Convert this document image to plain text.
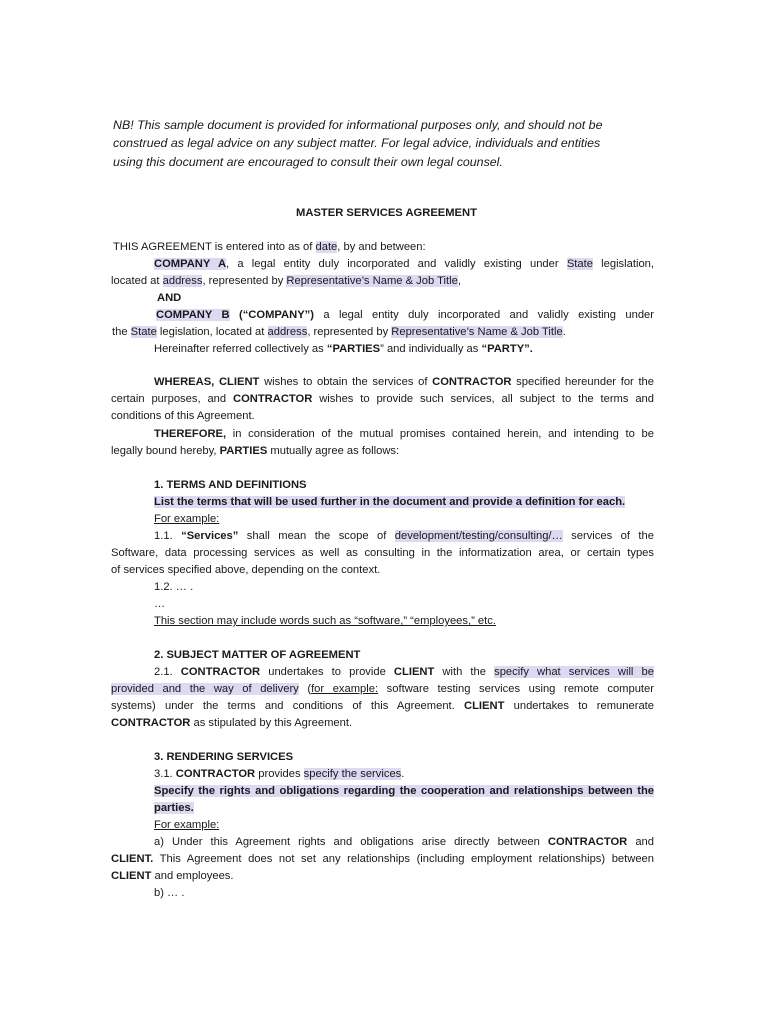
NB! This sample document is provided for informational purposes only, and should not be

construed as legal advice on any subject matter. For legal advice, individuals and entities

using this document are encouraged to consult their own legal counsel.

MASTER SERVICES AGREEMENT

THIS AGREEMENT is entered into as of date, by and between:

COMPANY A, a legal entity duly incorporated and validly existing under State legislation,

located at address, represented by Representative’s Name & Job Title,

AND

COMPANY B (“COMPANY”) a legal entity duly incorporated and validly existing under

the State legislation, located at address, represented by Representative’s Name & Job Title.

Hereinafter referred collectively as “PARTIES” and individually as “PARTY”.

WHEREAS, CLIENT wishes to obtain the services of CONTRACTOR specified hereunder for the

certain purposes, and CONTRACTOR wishes to provide such services, all subject to the terms and

conditions of this Agreement.

THEREFORE, in consideration of the mutual promises contained herein, and intending to be

legally bound hereby, PARTIES mutually agree as follows:

1. TERMS AND DEFINITIONS

List the terms that will be used further in the document and provide a definition for each.

For example:

1.1. “Services” shall mean the scope of development/testing/consulting/… services of the

Software, data processing services as well as consulting in the informatization area, or certain types

of services specified above, depending on the context.

1.2. … .

…

This section may include words such as “software,” “employees,” etc.

2. SUBJECT MATTER OF AGREEMENT

2.1. CONTRACTOR undertakes to provide CLIENT with the specify what services will be

provided and the way of delivery (for example: software testing services using remote computer

systems) under the terms and conditions of this Agreement. CLIENT undertakes to remunerate

CONTRACTOR as stipulated by this Agreement.

3. RENDERING SERVICES

3.1. CONTRACTOR provides specify the services.

Specify the rights and obligations regarding the cooperation and relationships between the

parties.

For example:

a) Under this Agreement rights and obligations arise directly between CONTRACTOR and

CLIENT. This Agreement does not set any relationships (including employment relationships) between

CLIENT and employees.

b) … .
